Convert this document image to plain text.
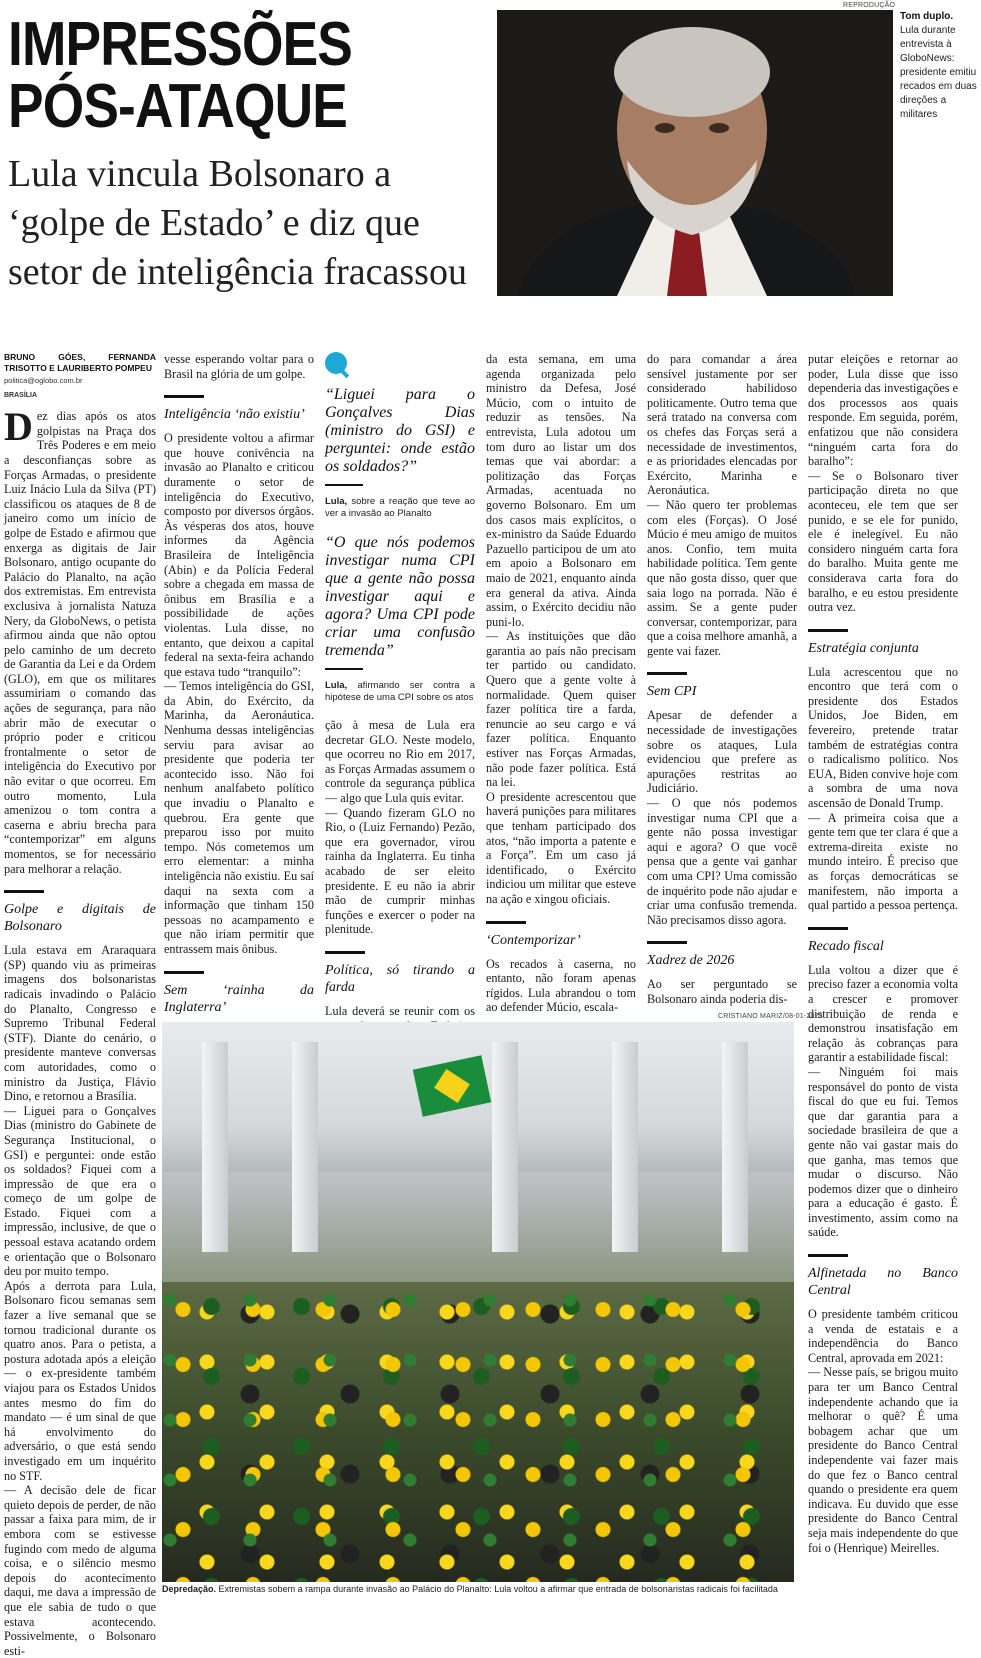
IMPRESSÕES
PÓS-ATAQUE
Lula vincula Bolsonaro a ‘golpe de Estado’ e diz que setor de inteligência fracassou
REPRODUÇÃO
Tom duplo.
Lula durante entrevista à GloboNews: presidente emitiu recados em duas direções a militares
BRUNO GÓES, FERNANDA TRISOTTO E LAURIBERTO POMPEU
politica@oglobo.com.br
BRASÍLIA

Dez dias após os atos golpistas na Praça dos Três Poderes e em meio a desconfianças sobre as Forças Armadas, o presidente Luiz Inácio Lula da Silva (PT) classificou os ataques de 8 de janeiro como um início de golpe de Estado e afirmou que enxerga as digitais de Jair Bolsonaro, antigo ocupante do Palácio do Planalto, na ação dos extremistas. Em entrevista exclusiva à jornalista Natuza Nery, da GloboNews, o petista afirmou ainda que não optou pelo caminho de um decreto de Garantia da Lei e da Ordem (GLO), em que os militares assumiriam o comando das ações de segurança, para não abrir mão de executar o próprio poder e criticou frontalmente o setor de inteligência do Executivo por não evitar o que ocorreu. Em outro momento, Lula amenizou o tom contra a caserna e abriu brecha para “contemporizar” em alguns momentos, se for necessário para melhorar a relação.

Golpe e digitais de Bolsonaro

Lula estava em Araraquara (SP) quando viu as primeiras imagens dos bolsonaristas radicais invadindo o Palácio do Planalto, Congresso e Supremo Tribunal Federal (STF). Diante do cenário, o presidente manteve conversas com autoridades, como o ministro da Justiça, Flávio Dino, e retornou a Brasília.

— Liguei para o Gonçalves Dias (ministro do Gabinete de Segurança Institucional, o GSI) e perguntei: onde estão os soldados? Fiquei com a impressão de que era o começo de um golpe de Estado. Fiquei com a impressão, inclusive, de que o pessoal estava acatando ordem e orientação que o Bolsonaro deu por muito tempo.

Após a derrota para Lula, Bolsonaro ficou semanas sem fazer a live semanal que se tornou tradicional durante os quatro anos. Para o petista, a postura adotada após a eleição — o ex-presidente também viajou para os Estados Unidos antes mesmo do fim do mandato — é um sinal de que há envolvimento do adversário, o que está sendo investigado em um inquérito no STF.

— A decisão dele de ficar quieto depois de perder, de não passar a faixa para mim, de ir embora com se estivesse fugindo com medo de alguma coisa, e o silêncio mesmo depois do acontecimento daqui, me dava a impressão de que ele sabia de tudo o que estava acontecendo. Possivelmente, o Bolsonaro esti-

vesse esperando voltar para o Brasil na glória de um golpe.

Inteligência ‘não existiu’

O presidente voltou a afirmar que houve conivência na invasão ao Planalto e criticou duramente o setor de inteligência do Executivo, composto por diversos órgãos. Às vésperas dos atos, houve informes da Agência Brasileira de Inteligência (Abin) e da Polícia Federal sobre a chegada em massa de ônibus em Brasília e a possibilidade de ações violentas. Lula disse, no entanto, que deixou a capital federal na sexta-feira achando que estava tudo “tranquilo”:

— Temos inteligência do GSI, da Abin, do Exército, da Marinha, da Aeronáutica. Nenhuma dessas inteligências serviu para avisar ao presidente que poderia ter acontecido isso. Não foi nenhum analfabeto político que invadiu o Planalto e quebrou. Era gente que preparou isso por muito tempo. Nós cometemos um erro elementar: a minha inteligência não existiu. Eu saí daqui na sexta com a informação que tinham 150 pessoas no acampamento e que não iriam permitir que entrassem mais ônibus.

Sem ‘rainha da Inglaterra’

“Liguei para o Gonçalves Dias (ministro do GSI) e perguntei: onde estão os soldados?”
Lula, sobre a reação que teve ao ver a invasão ao Planalto
“O que nós podemos investigar numa CPI que a gente não possa investigar aqui e agora? Uma CPI pode criar uma confusão tremenda”
Lula, afirmando ser contra a hipótese de uma CPI sobre os atos

ção à mesa de Lula era decretar GLO. Neste modelo, que ocorreu no Rio em 2017, as Forças Armadas assumem o controle da segurança pública — algo que Lula quis evitar.

— Quando fizeram GLO no Rio, o (Luiz Fernando) Pezão, que era governador, virou rainha da Inglaterra. Eu tinha acabado de ser eleito presidente. E eu não ia abrir mão de cumprir minhas funções e exercer o poder na plenitude.

Política, só tirando a farda

Lula deverá se reunir com os

da esta semana, em uma agenda organizada pelo ministro da Defesa, José Múcio, com o intuito de reduzir as tensões. Na entrevista, Lula adotou um tom duro ao listar um dos temas que vai abordar: a politização das Forças Armadas, acentuada no governo Bolsonaro. Em um dos casos mais explícitos, o ex-ministro da Saúde Eduardo Pazuello participou de um ato em apoio a Bolsonaro em maio de 2021, enquanto ainda era general da ativa. Ainda assim, o Exército decidiu não puni-lo.

— As instituições que dão garantia ao país não precisam ter partido ou candidato. Quero que a gente volte à normalidade. Quem quiser fazer política tire a farda, renuncie ao seu cargo e vá fazer política. Enquanto estiver nas Forças Armadas, não pode fazer política. Está na lei.

O presidente acrescentou que haverá punições para militares que tenham participado dos atos, “não importa a patente e a Força”. Em um caso já identificado, o Exército indiciou um militar que esteve na ação e xingou oficiais.

‘Contemporizar’

Os recados à caserna, no entanto, não foram apenas rígidos. Lula abrandou o tom ao defender Múcio, escala-

do para comandar a área sensível justamente por ser considerado habilidoso politicamente. Outro tema que será tratado na conversa com os chefes das Forças será a necessidade de investimentos, e as prioridades elencadas por Exército, Marinha e Aeronáutica.

— Não quero ter problemas com eles (Forças). O José Múcio é meu amigo de muitos anos. Confio, tem muita habilidade política. Tem gente que não gosta disso, quer que saia logo na porrada. Não é assim. Se a gente puder conversar, contemporizar, para que a coisa melhore amanhã, a gente vai fazer.

Sem CPI

Apesar de defender a necessidade de investigações sobre os ataques, Lula evidenciou que prefere as apurações restritas ao Judiciário.

— O que nós podemos investigar numa CPI que a gente não possa investigar aqui e agora? O que você pensa que a gente vai ganhar com uma CPI? Uma comissão de inquérito pode não ajudar e criar uma confusão tremenda. Não precisamos disso agora.

Xadrez de 2026

Ao ser perguntado se Bolsonaro ainda poderia dis-

putar eleições e retornar ao poder, Lula disse que isso dependeria das investigações e dos processos aos quais responde. Em seguida, porém, enfatizou que não considera “ninguém carta fora do baralho”:

— Se o Bolsonaro tiver participação direta no que aconteceu, ele tem que ser punido, e se ele for punido, ele é inelegível. Eu não considero ninguém carta fora do baralho. Muita gente me considerava carta fora do baralho, e eu estou presidente outra vez.

Estratégia conjunta

Lula acrescentou que no encontro que terá com o presidente dos Estados Unidos, Joe Biden, em fevereiro, pretende tratar também de estratégias contra o radicalismo político. Nos EUA, Biden convive hoje com a sombra de uma nova ascensão de Donald Trump.

— A primeira coisa que a gente tem que ter clara é que a extrema-direita existe no mundo inteiro. É preciso que as forças democráticas se manifestem, não importa a qual partido a pessoa pertença.

Recado fiscal

Lula voltou a dizer que é preciso fazer a economia volta a crescer e promover distribuição de renda e demonstrou insatisfação em relação às cobranças para garantir a estabilidade fiscal:

— Ninguém foi mais responsável do ponto de vista fiscal do que eu fui. Temos que dar garantia para a sociedade brasileira de que a gente não vai gastar mais do que ganha, mas temos que mudar o discurso. Não podemos dizer que o dinheiro para a educação é gasto. É investimento, assim como na saúde.

Alfinetada no Banco Central

O presidente também criticou a venda de estatais e a independência do Banco Central, aprovada em 2021:

— Nesse país, se brigou muito para ter um Banco Central independente achando que ia melhorar o quê? É uma bobagem achar que um presidente do Banco Central independente vai fazer mais do que fez o Banco central quando o presidente era quem indicava. Eu duvido que esse presidente do Banco Central seja mais independente do que foi o (Henrique) Meirelles.

CRISTIANO MARIZ/08-01-2023
Depredação. Extremistas sobem a rampa durante invasão ao Palácio do Planalto: Lula voltou a afirmar que entrada de bolsonaristas radicais foi facilitada
